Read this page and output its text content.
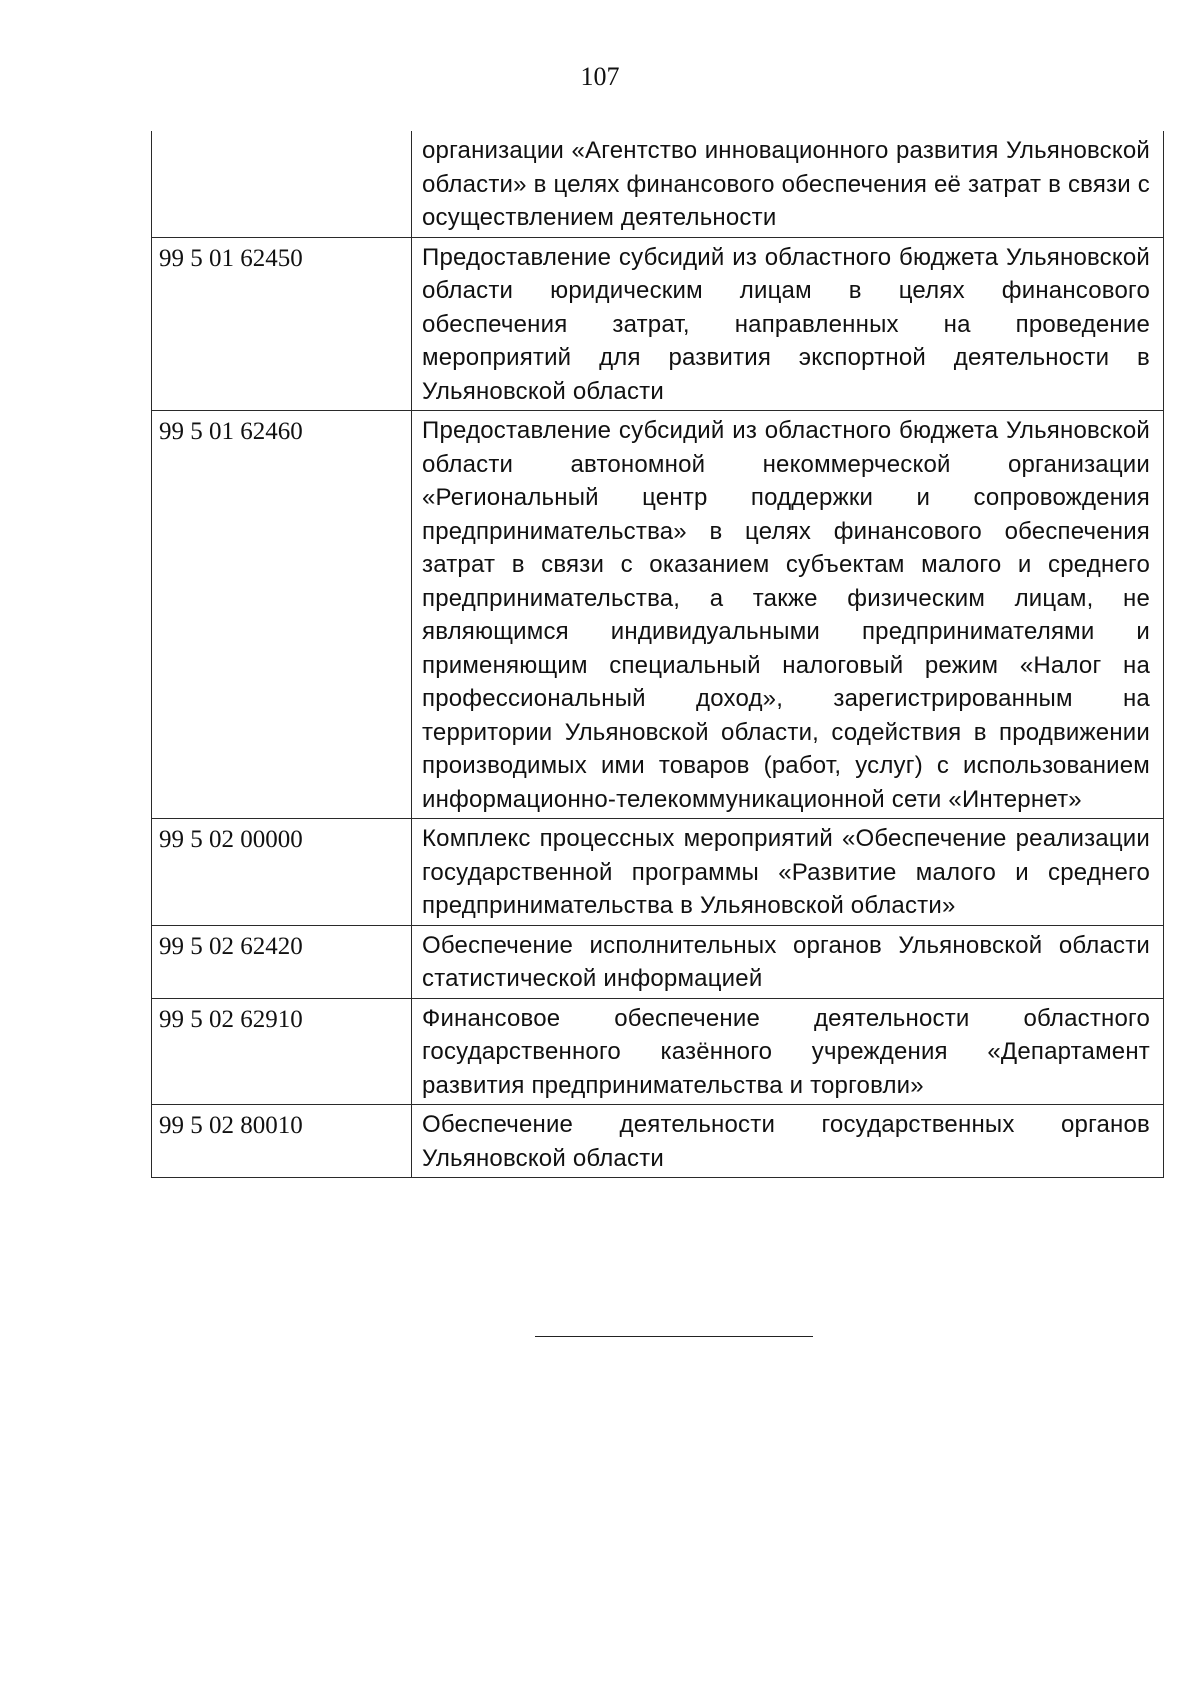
107
	организации «Агентство инновационного развития Ульяновской области» в целях финансового обеспечения её затрат в связи с осуществлением деятельности
99 5 01 62450	Предоставление субсидий из областного бюджета Ульяновской области юридическим лицам в целях финансового обеспечения затрат, направленных на проведение мероприятий для развития экспортной деятельности в Ульяновской области
99 5 01 62460	Предоставление субсидий из областного бюджета Ульяновской области автономной некоммерческой организации «Региональный центр поддержки и сопровождения предпринимательства» в целях финансового обеспечения затрат в связи с оказанием субъектам малого и среднего предпринимательства, а также физическим лицам, не являющимся индивидуальными предпринимателями и применяющим специальный налоговый режим «Налог на профессиональный доход», зарегистрированным на территории Ульяновской области, содействия в продвижении производимых ими товаров (работ, услуг) с использованием информационно-телекоммуникационной сети «Интернет»
99 5 02 00000	Комплекс процессных мероприятий «Обеспечение реализации государственной программы «Развитие малого и среднего предпринимательства в Ульяновской области»
99 5 02 62420	Обеспечение исполнительных органов Ульяновской области статистической информацией
99 5 02 62910	Финансовое обеспечение деятельности областного государственного казённого учреждения «Департамент развития предпринимательства и торговли»
99 5 02 80010	Обеспечение деятельности государственных органов Ульяновской области
